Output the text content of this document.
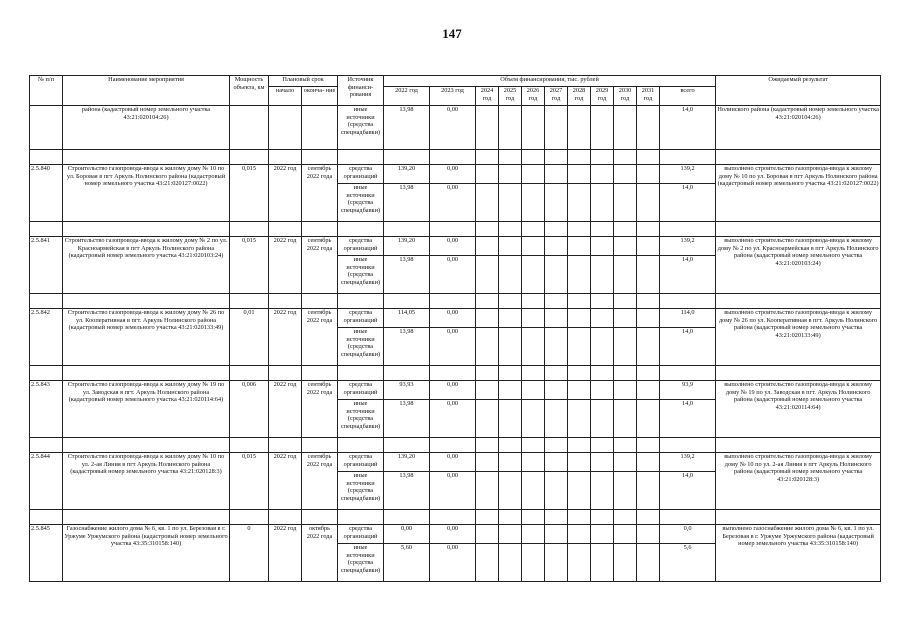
147
№ п/п	Наименование мероприятия	Мощность объекта, км	Плановый срок		Источник финанси- рования	Объем финансирования, тыс. рублей											Ожидаемый результат
			начало	оконча- ние		2022 год	2023 год	2024 год	2025 год	2026 год	2027 год	2028 год	2029 год	2030 год	2031 год	всего	
	района (кадастровый номер земельного участка 43:21:020104:26)				иные источники (средства спецнадбавки)	13,98	0,00									14,0	Нолинского района (кадастровый номер земельного участка 43:21:020104:26)

2.5.840	Строительство газопровода-ввода к жилому дому № 10 по ул. Боровая в пгт Аркуль Нолинского района (кадастровый номер земельного участка 43:21:020127:0022)	0,015	2022 год	сентябрь 2022 года	средства организаций	139,20	0,00									139,2	выполнено строительство газопровода-ввода к жилому дому № 10 по ул. Боровая в пгт Аркуль Нолинского района (кадастровый номер земельного участка 43:21:020127:0022)
					иные источники (средства спецнадбавки)	13,98	0,00									14,0	

2.5.841	Строительство газопровода-ввода к жилому дому № 2 по ул. Красноармейская в пгт Аркуль Нолинского района (кадастровый номер земельного участка 43:21:020103:24)	0,015	2022 год	сентябрь 2022 года	средства организаций	139,20	0,00									139,2	выполнено строительство газопровода-ввода к жилому дому № 2 по ул. Красноармейская в пгт Аркуль Нолинского района (кадастровый номер земельного участка 43:21:020103:24)
					иные источники (средства спецнадбавки)	13,98	0,00									14,0	

2.5.842	Строительство газопровода-ввода к жилому дому № 26 по ул. Кооперативная в пгт. Аркуль Нолинского района (кадастровый номер земельного участка 43:21:020133:49)	0,01	2022 год	сентябрь 2022 года	средства организаций	114,05	0,00									114,0	выполнено строительство газопровода-ввода к жилому дому № 26 по ул. Кооперативная в пгт. Аркуль Нолинского района (кадастровый номер земельного участка 43:21:020133:49)
					иные источники (средства спецнадбавки)	13,98	0,00									14,0	

2.5.843	Строительство газопровода-ввода к жилому дому № 19 по ул. Заводская в пгт. Аркуль Нолинского района (кадастровый номер земельного участка 43:21:020114:64)	0,006	2022 год	сентябрь 2022 года	средства организаций	93,93	0,00									93,9	выполнено строительство газопровода-ввода к жилому дому № 19 по ул. Заводская в пгт. Аркуль Нолинского района (кадастровый номер земельного участка 43:21:020114:64)
					иные источники (средства спецнадбавки)	13,98	0,00									14,0	

2.5.844	Строительство газопровода-ввода к жилому дому № 10 по ул. 2-ая Линия в пгт Аркуль Нолинского района (кадастровый номер земельного участка 43:21:020128:3)	0,015	2022 год	сентябрь 2022 года	средства организаций	139,20	0,00									139,2	выполнено строительство газопровода-ввода к жилому дому № 10 по ул. 2-ая Линия в пгт Аркуль Нолинского района (кадастровый номер земельного участка 43:21:020128:3)
					иные источники (средства спецнадбавки)	13,98	0,00									14,0	

2.5.845	Газоснабжение жилого дома № 6, кв. 1 по ул. Березовая в г. Уржуме Уржумского района (кадастровый номер земельного участка 43:35:310158:140)	0	2022 год	октябрь 2022 года	средства организаций	0,00	0,00									0,0	выполнено газоснабжение жилого дома № 6, кв. 1 по ул. Березовая в г. Уржуме Уржумского района (кадастровый номер земельного участка 43:35:310158:140)
					иные источники (средства спецнадбавки)	5,60	0,00									5,6	
